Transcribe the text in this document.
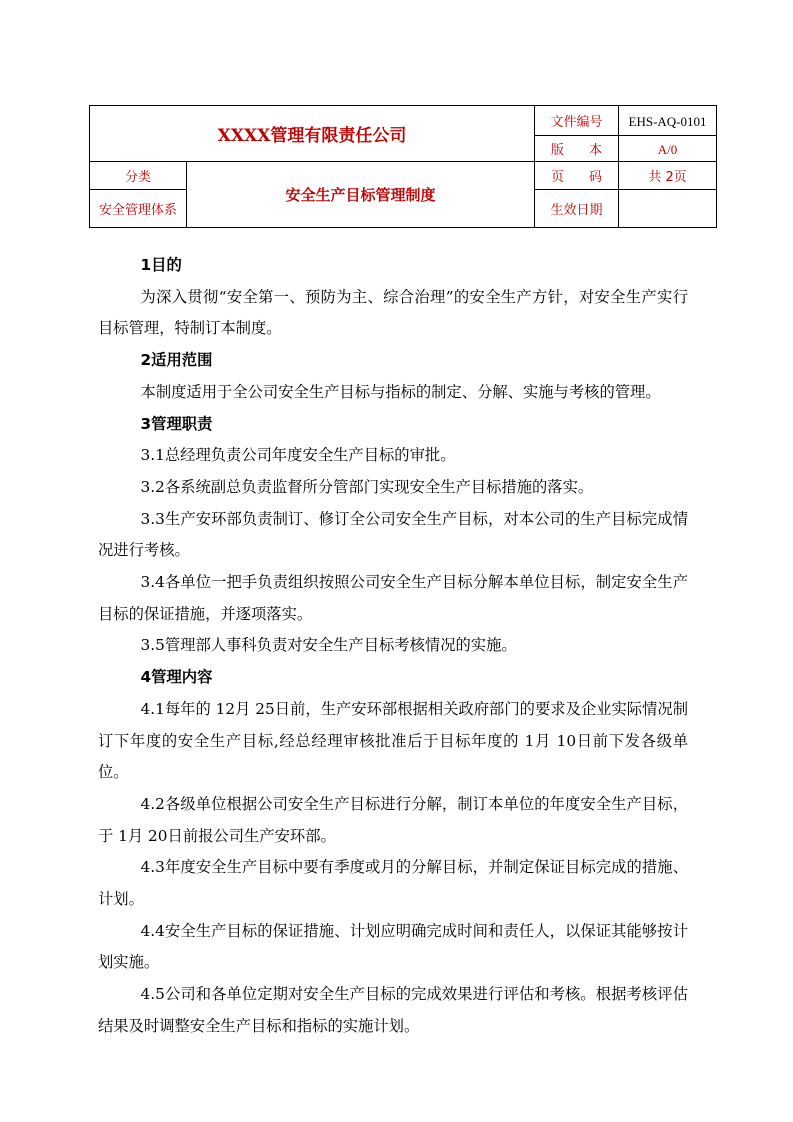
XXXX管理有限责任公司		文件编号	EHS-AQ-0101
		版 本	A/0
分类	安全生产目标管理制度	页 码	共 2页
安全管理体系		生效日期	

1目的

为深入贯彻“安全第一、预防为主、综合治理”的安全生产方针，对安全生产实行目标管理，特制订本制度。

2适用范围

本制度适用于全公司安全生产目标与指标的制定、分解、实施与考核的管理。

3管理职责

3.1总经理负责公司年度安全生产目标的审批。

3.2各系统副总负责监督所分管部门实现安全生产目标措施的落实。

3.3生产安环部负责制订、修订全公司安全生产目标，对本公司的生产目标完成情况进行考核。

3.4各单位一把手负责组织按照公司安全生产目标分解本单位目标，制定安全生产目标的保证措施，并逐项落实。

3.5管理部人事科负责对安全生产目标考核情况的实施。

4管理内容

4.1每年的 12月 25日前，生产安环部根据相关政府部门的要求及企业实际情况制订下年度的安全生产目标,经总经理审核批准后于目标年度的 1月 10日前下发各级单位。

4.2各级单位根据公司安全生产目标进行分解，制订本单位的年度安全生产目标，于 1月 20日前报公司生产安环部。

4.3年度安全生产目标中要有季度或月的分解目标，并制定保证目标完成的措施、计划。

4.4安全生产目标的保证措施、计划应明确完成时间和责任人，以保证其能够按计划实施。

4.5公司和各单位定期对安全生产目标的完成效果进行评估和考核。根据考核评估结果及时调整安全生产目标和指标的实施计划。
